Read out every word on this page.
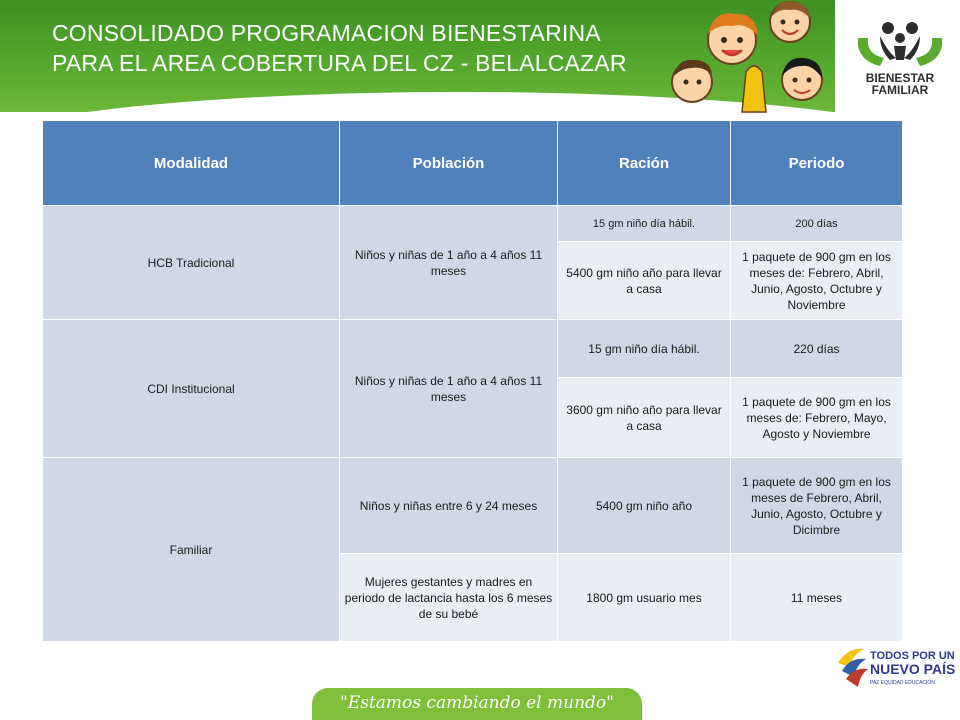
CONSOLIDADO PROGRAMACION BIENESTARINA
PARA EL AREA COBERTURA DEL CZ - BELALCAZAR
BIENESTAR
FAMILIAR
Modalidad	Población	Ración	Periodo
HCB Tradicional	Niños y niñas de 1 año a 4 años 11 meses	15 gm niño día hábil.	200 días
		5400 gm niño año para llevar a casa	1 paquete de 900 gm en los meses de: Febrero, Abril, Junio, Agosto, Octubre y Noviembre
CDI Institucional	Niños y niñas de 1 año a 4 años 11 meses	15 gm niño día hábil.	220 días
		3600 gm niño año para llevar a casa	1 paquete de 900 gm en los meses de: Febrero, Mayo, Agosto y Noviembre
Familiar	Niños y niñas entre 6 y 24 meses	5400 gm niño año	1 paquete de 900 gm en los meses de Febrero, Abril, Junio, Agosto, Octubre y Dicimbre
	Mujeres gestantes y madres en periodo de lactancia hasta los 6 meses de su bebé	1800 gm usuario mes	11 meses
TODOS POR UN
NUEVO PAÍS
PAZ EQUIDAD EDUCACIÓN
"Estamos cambiando el mundo"
